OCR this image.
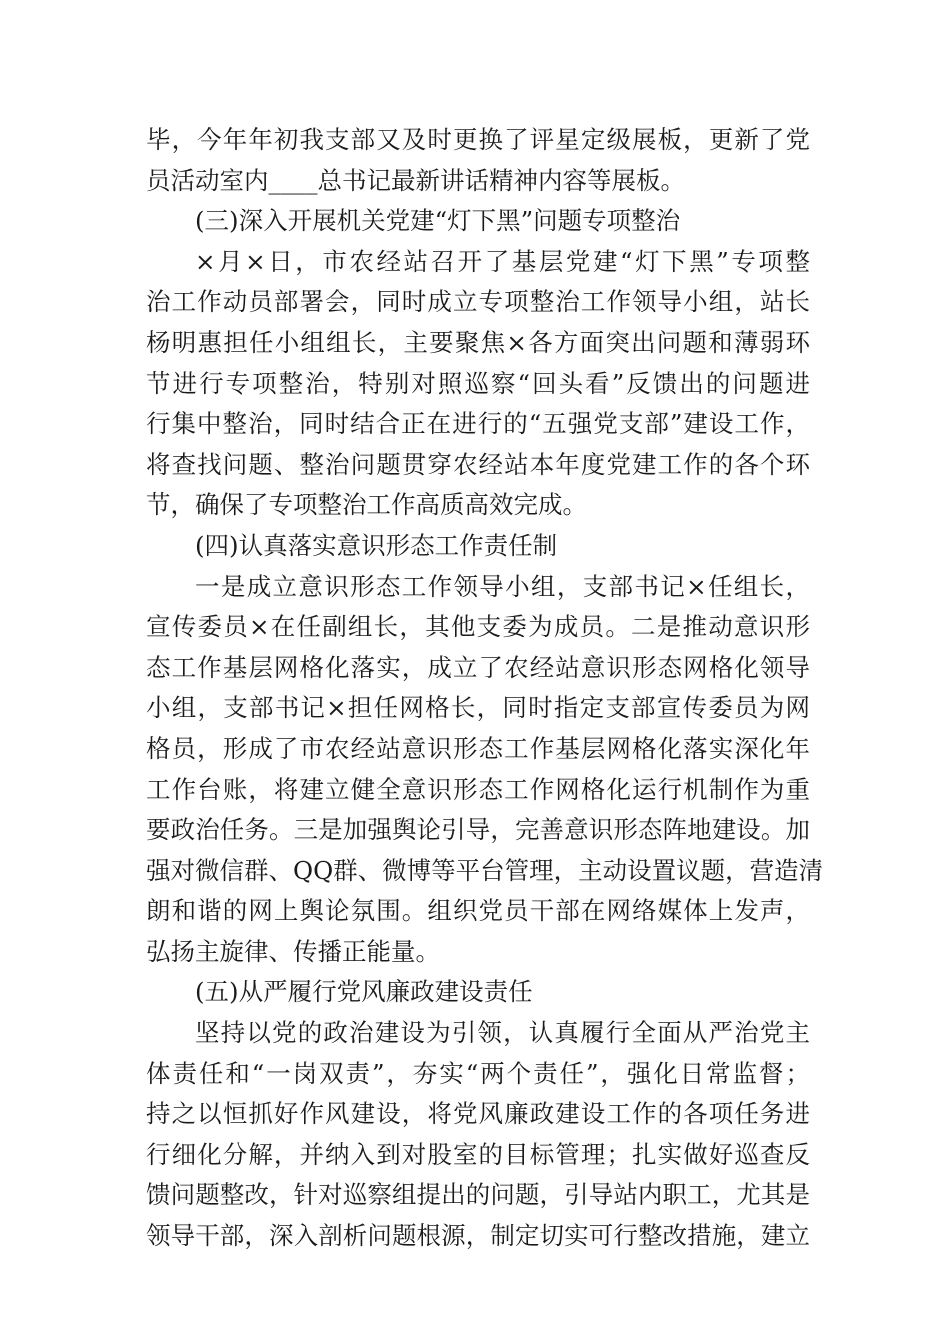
毕，今年年初我支部又及时更换了评星定级展板，更新了党
员活动室内____总书记最新讲话精神内容等展板。
(三)深入开展机关党建“灯下黑”问题专项整治
×月×日，市农经站召开了基层党建“灯下黑”专项整
治工作动员部署会，同时成立专项整治工作领导小组，站长
杨明惠担任小组组长，主要聚焦×各方面突出问题和薄弱环
节进行专项整治，特别对照巡察“回头看”反馈出的问题进
行集中整治，同时结合正在进行的“五强党支部”建设工作，
将查找问题、整治问题贯穿农经站本年度党建工作的各个环
节，确保了专项整治工作高质高效完成。
(四)认真落实意识形态工作责任制
一是成立意识形态工作领导小组，支部书记×任组长，
宣传委员×在任副组长，其他支委为成员。二是推动意识形
态工作基层网格化落实，成立了农经站意识形态网格化领导
小组，支部书记×担任网格长，同时指定支部宣传委员为网
格员，形成了市农经站意识形态工作基层网格化落实深化年
工作台账，将建立健全意识形态工作网格化运行机制作为重
要政治任务。三是加强舆论引导，完善意识形态阵地建设。加
强对微信群、QQ群、微博等平台管理，主动设置议题，营造清
朗和谐的网上舆论氛围。组织党员干部在网络媒体上发声，
弘扬主旋律、传播正能量。
(五)从严履行党风廉政建设责任
坚持以党的政治建设为引领，认真履行全面从严治党主
体责任和“一岗双责”，夯实“两个责任”，强化日常监督；
持之以恒抓好作风建设，将党风廉政建设工作的各项任务进
行细化分解，并纳入到对股室的目标管理；扎实做好巡查反
馈问题整改，针对巡察组提出的问题，引导站内职工，尤其是
领导干部，深入剖析问题根源，制定切实可行整改措施，建立
